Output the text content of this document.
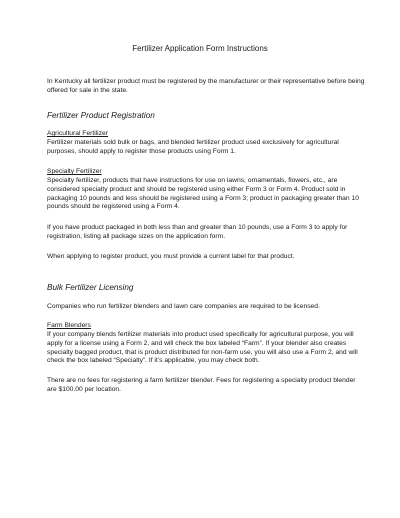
Fertilizer Application Form Instructions

In Kentucky all fertilizer product must be registered by the manufacturer or their representative before being offered for sale in the state.

Fertilizer Product Registration
Agricultural Fertilizer

Fertilizer materials sold bulk or bags, and blended fertilizer product used exclusively for agricultural purposes, should apply to register those products using Form 1.

Specialty Fertilizer

Specialty fertilizer, products that have instructions for use on lawns, ornamentals, flowers, etc., are considered specialty product and should be registered using either Form 3 or Form 4. Product sold in packaging 10 pounds and less should be registered using a Form 3; product in packaging greater than 10 pounds should be registered using a Form 4.

If you have product packaged in both less than and greater than 10 pounds, use a Form 3 to apply for registration, listing all package sizes on the application form.

When applying to register product, you must provide a current label for that product.

Bulk Fertilizer Licensing

Companies who run fertilizer blenders and lawn care companies are required to be licensed.

Farm Blenders

If your company blends fertilizer materials into product used specifically for agricultural purpose, you will apply for a license using a Form 2, and will check the box labeled “Farm”. If your blender also creates specialty bagged product, that is product distributed for non-farm use, you will also use a Form 2, and will check the box labeled “Specialty”. If it’s applicable, you may check both.

There are no fees for registering a farm fertilizer blender. Fees for registering a specialty product blender are $100.00 per location.
